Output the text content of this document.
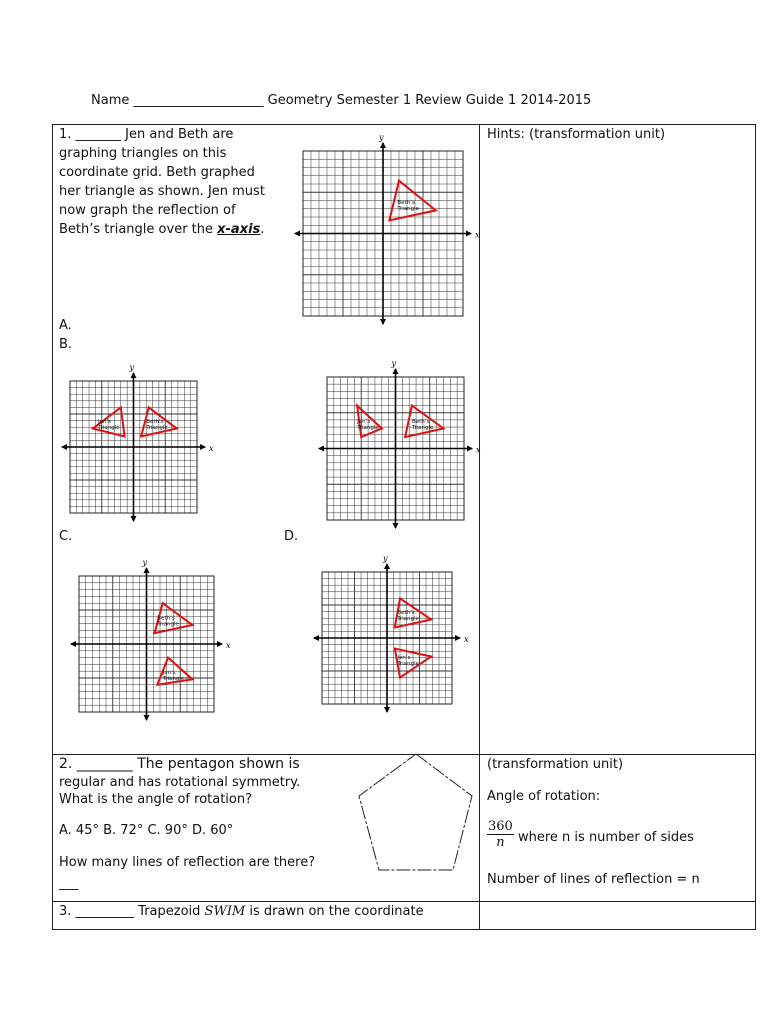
Name ____________________ Geometry Semester 1 Review Guide 1 2014-2015
1. _______ Jen and Beth are
graphing triangles on this
coordinate grid. Beth graphed
her triangle as shown. Jen must
now graph the reflection of
Beth’s triangle over the x-axis.
A.
B.
C.	D.
Hints: (transformation unit)
x
y
Beth’s
Triangle
x
y
Beth’s
Triangle
Jen’s
Triangle
x
y
Beth’s
Triangle
Jen’s
Triangle
x
y
Beth’s
Triangle
Jen’s
Triangle
x
y
Beth’s
Triangle
Jen’s
Triangle
2. ________ The pentagon shown is
regular and has rotational symmetry.
What is the angle of rotation?
A. 45° B. 72° C. 90° D. 60°
How many lines of reflection are there?
___
(transformation unit)
Angle of rotation:
$\frac{360}{n}$ where n is number of sides
Number of lines of reflection = n
3. _________ Trapezoid SWIM is drawn on the coordinate
